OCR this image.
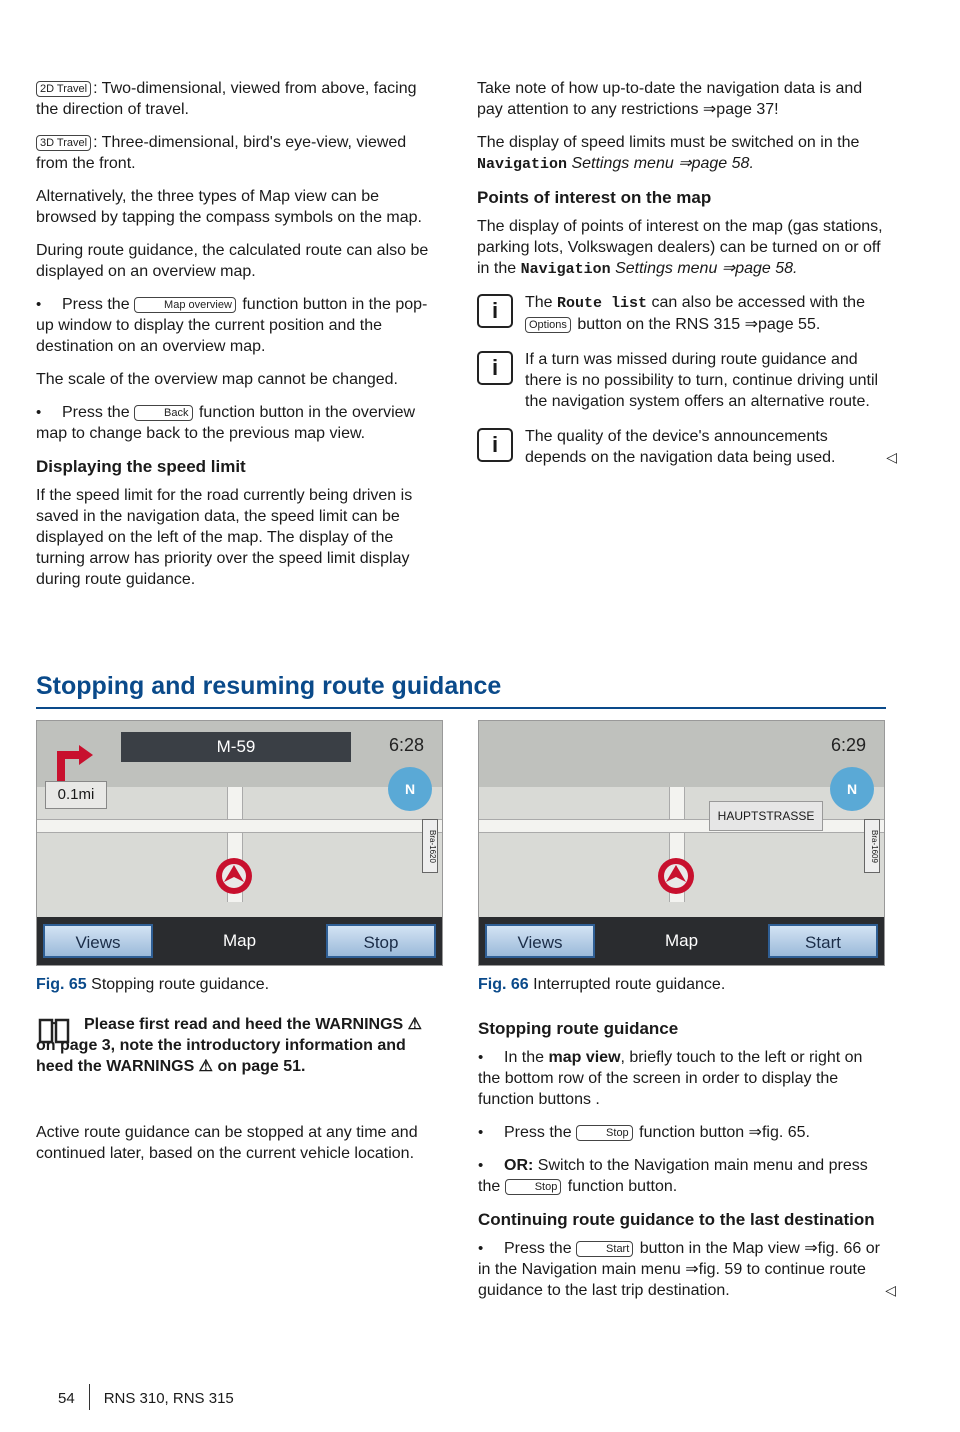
2D Travel : Two-dimensional, viewed from above, facing the direction of travel.

3D Travel : Three-dimensional, bird's eye-view, viewed from the front.

Alternatively, the three types of Map view can be browsed by tapping the compass symbols on the map.

During route guidance, the calculated route can also be displayed on an overview map.

• Press the	Map overview function button in the pop-up window to display the current position and the destination on an overview map.

The scale of the overview map cannot be changed.

• Press the	Back function button in the overview map to change back to the previous map view.

Displaying the speed limit

If the speed limit for the road currently being driven is saved in the navigation data, the speed limit can be displayed on the left of the map. The display of the turning arrow has priority over the speed limit display during route guidance.

Take note of how up-to-date the navigation data is and pay attention to any restrictions ⇒page 37!

The display of speed limits must be switched on in the Navigation Settings menu ⇒page 58.

Points of interest on the map

The display of points of interest on the map (gas stations, parking lots, Volkswagen dealers) can be turned on or off in the Navigation Settings menu ⇒page 58.

i	The Route list can also be accessed with the Options button on the RNS 315 ⇒page 55.
i	If a turn was missed during route guidance and there is no possibility to turn, continue driving until the navigation system offers an alternative route.
i	The quality of the device's announcements depends on the navigation data being used.	◁
Stopping and resuming route guidance
0.1mi
M-59	6:28
N
Bra-1620
Views	Map	Stop
Fig. 65 Stopping route guidance.
HAUPTSTRASSE
6:29
N
Bra-1609
Views	Map	Start
Fig. 66 Interrupted route guidance.

Please first read and heed the WARNINGS ⚠ on page 3, note the introductory information and heed the WARNINGS ⚠ on page 51.

Active route guidance can be stopped at any time and continued later, based on the current vehicle location.
Stopping route guidance

• In the map view, briefly touch to the left or right on the bottom row of the screen in order to display the function buttons .

• Press the	Stop function button ⇒fig. 65.

• OR: Switch to the Navigation main menu and press the	Stop function button.

Continuing route guidance to the last destination

• Press the	Start button in the Map view ⇒fig. 66 or in the Navigation main menu ⇒fig. 59 to continue route guidance to the last trip destination.	◁

54 RNS 310, RNS 315
